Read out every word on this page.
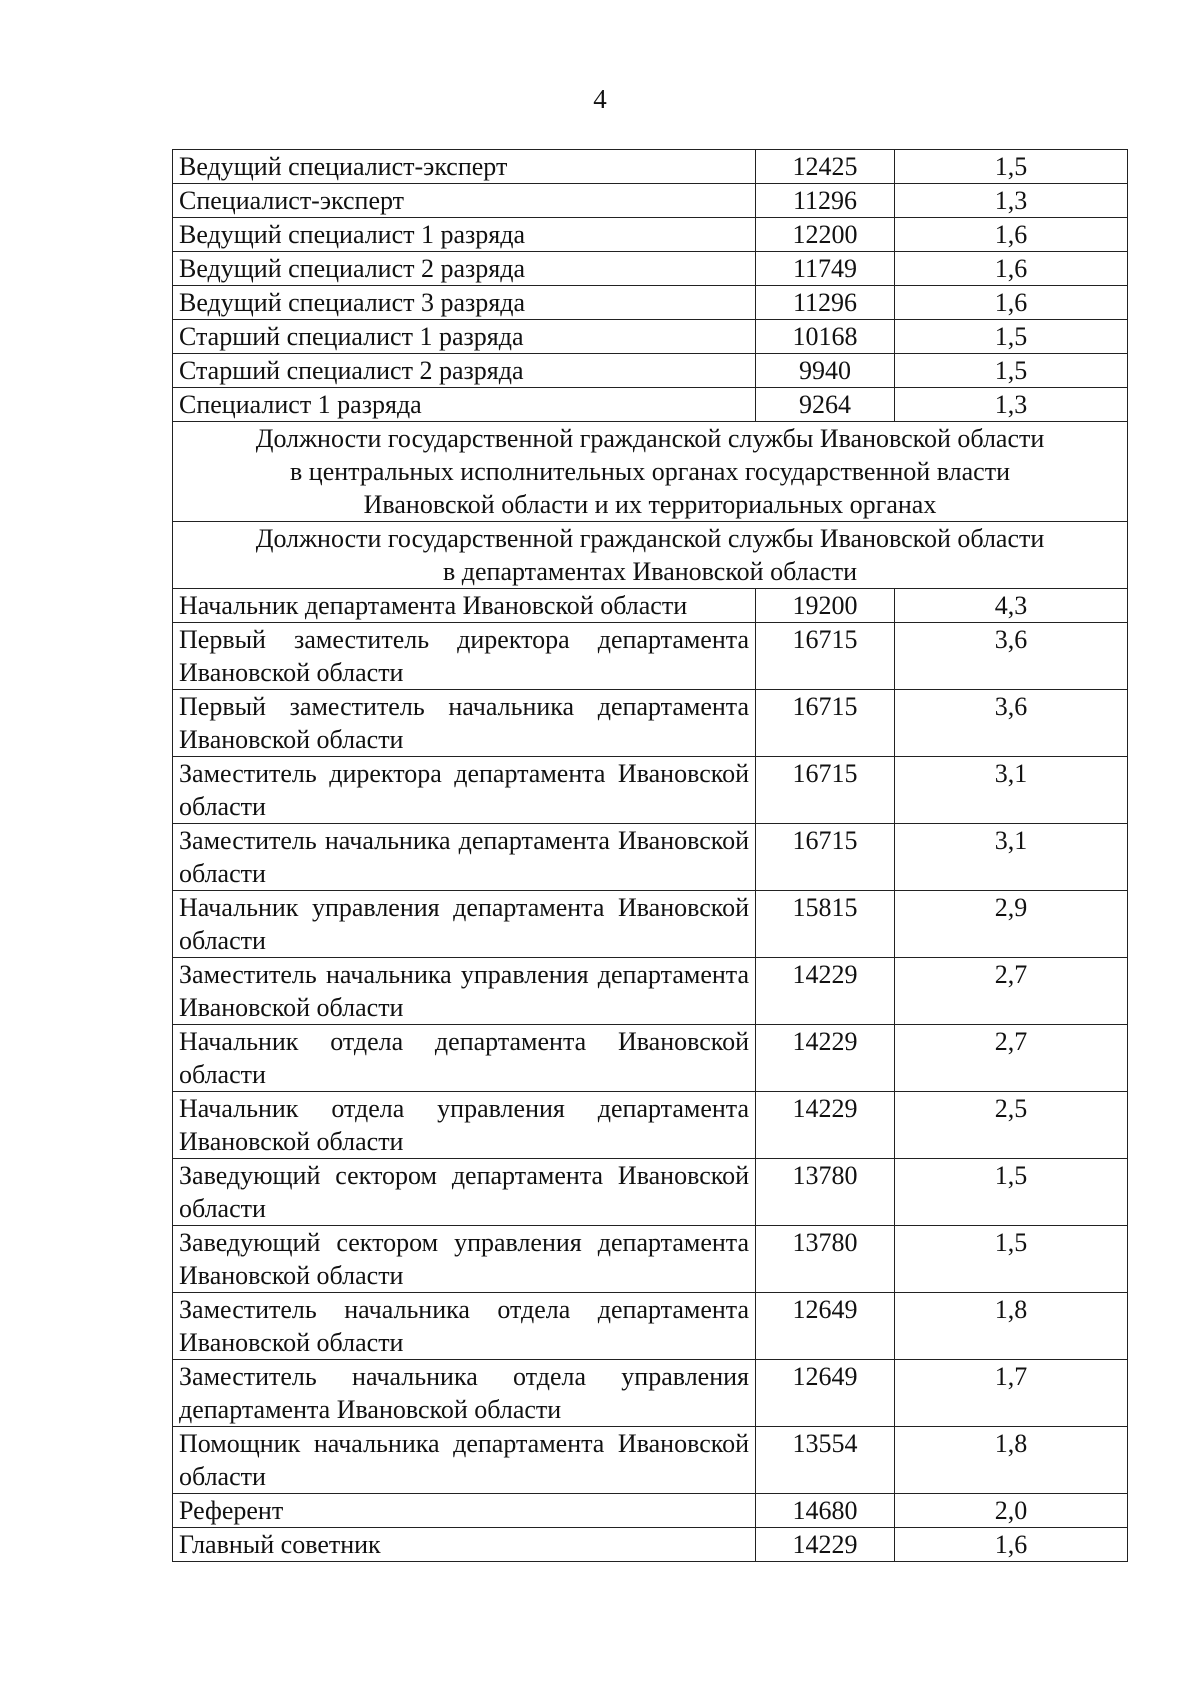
4
Ведущий специалист-эксперт	12425	1,5
Специалист-эксперт	11296	1,3
Ведущий специалист 1 разряда	12200	1,6
Ведущий специалист 2 разряда	11749	1,6
Ведущий специалист 3 разряда	11296	1,6
Старший специалист 1 разряда	10168	1,5
Старший специалист 2 разряда	9940	1,5
Специалист 1 разряда	9264	1,3

Должности государственной гражданской службы Ивановской области
в центральных исполнительных органах государственной власти
Ивановской области и их территориальных органах		

Должности государственной гражданской службы Ивановской области
в департаментах Ивановской области		

Начальник департамента Ивановской области	19200	4,3
Первый заместитель директора департамента Ивановской области	16715	3,6
Первый заместитель начальника департамента Ивановской области	16715	3,6
Заместитель директора департамента Ивановской области	16715	3,1
Заместитель начальника департамента Ивановской области	16715	3,1
Начальник управления департамента Ивановской области	15815	2,9
Заместитель начальника управления департамента Ивановской области	14229	2,7
Начальник отдела департамента Ивановской области	14229	2,7
Начальник отдела управления департамента Ивановской области	14229	2,5
Заведующий сектором департамента Ивановской области	13780	1,5
Заведующий сектором управления департамента Ивановской области	13780	1,5
Заместитель начальника отдела департамента Ивановской области	12649	1,8
Заместитель начальника отдела управления департамента Ивановской области	12649	1,7
Помощник начальника департамента Ивановской области	13554	1,8
Референт	14680	2,0
Главный советник	14229	1,6
